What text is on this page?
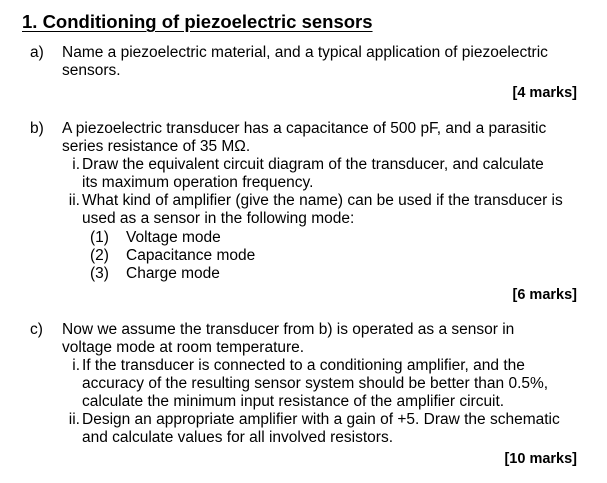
1. Conditioning of piezoelectric sensors
a) Name a piezoelectric material, and a typical application of piezoelectric
sensors.
[4 marks]
b) A piezoelectric transducer has a capacitance of 500 pF, and a parasitic
series resistance of 35 MΩ.
i. Draw the equivalent circuit diagram of the transducer, and calculate
its maximum operation frequency.
ii. What kind of amplifier (give the name) can be used if the transducer is
used as a sensor in the following mode:
(1) Voltage mode
(2) Capacitance mode
(3) Charge mode
[6 marks]
c) Now we assume the transducer from b) is operated as a sensor in
voltage mode at room temperature.
i. If the transducer is connected to a conditioning amplifier, and the
accuracy of the resulting sensor system should be better than 0.5%,
calculate the minimum input resistance of the amplifier circuit.
ii. Design an appropriate amplifier with a gain of +5. Draw the schematic
and calculate values for all involved resistors.
[10 marks]
